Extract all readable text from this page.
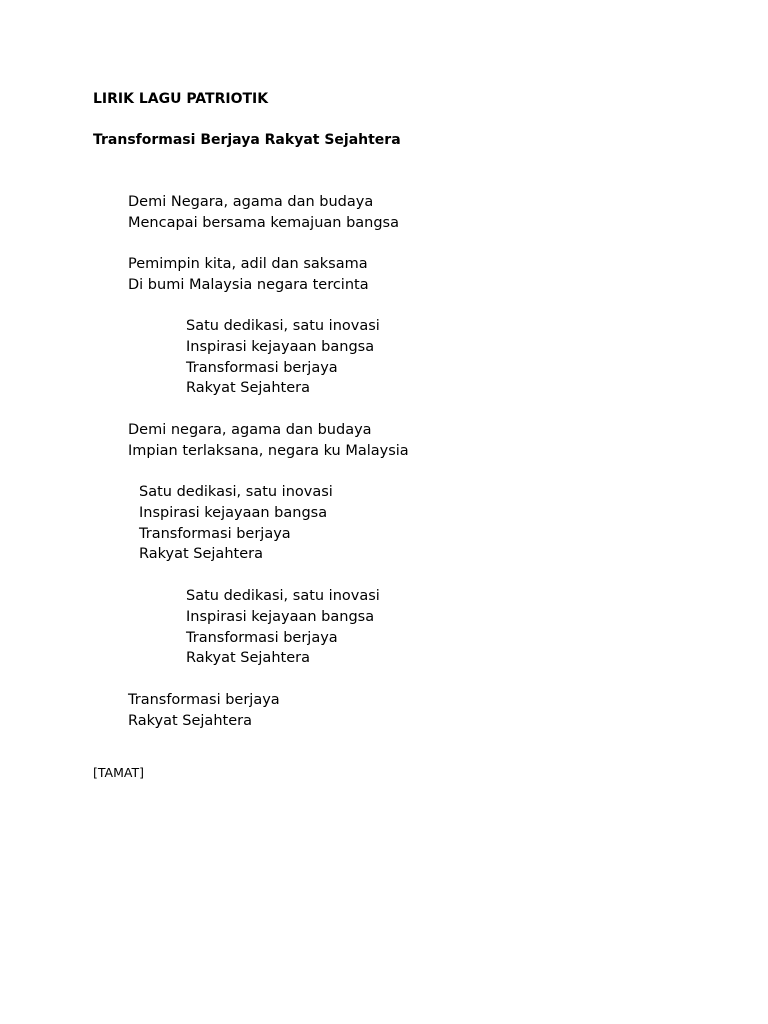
LIRIK LAGU PATRIOTIK
Transformasi Berjaya Rakyat Sejahtera
Demi Negara, agama dan budaya
Mencapai bersama kemajuan bangsa
Pemimpin kita, adil dan saksama
Di bumi Malaysia negara tercinta
Satu dedikasi, satu inovasi
Inspirasi kejayaan bangsa
Transformasi berjaya
Rakyat Sejahtera
Demi negara, agama dan budaya
Impian terlaksana, negara ku Malaysia
Satu dedikasi, satu inovasi
Inspirasi kejayaan bangsa
Transformasi berjaya
Rakyat Sejahtera
Satu dedikasi, satu inovasi
Inspirasi kejayaan bangsa
Transformasi berjaya
Rakyat Sejahtera
Transformasi berjaya
Rakyat Sejahtera
[TAMAT]
